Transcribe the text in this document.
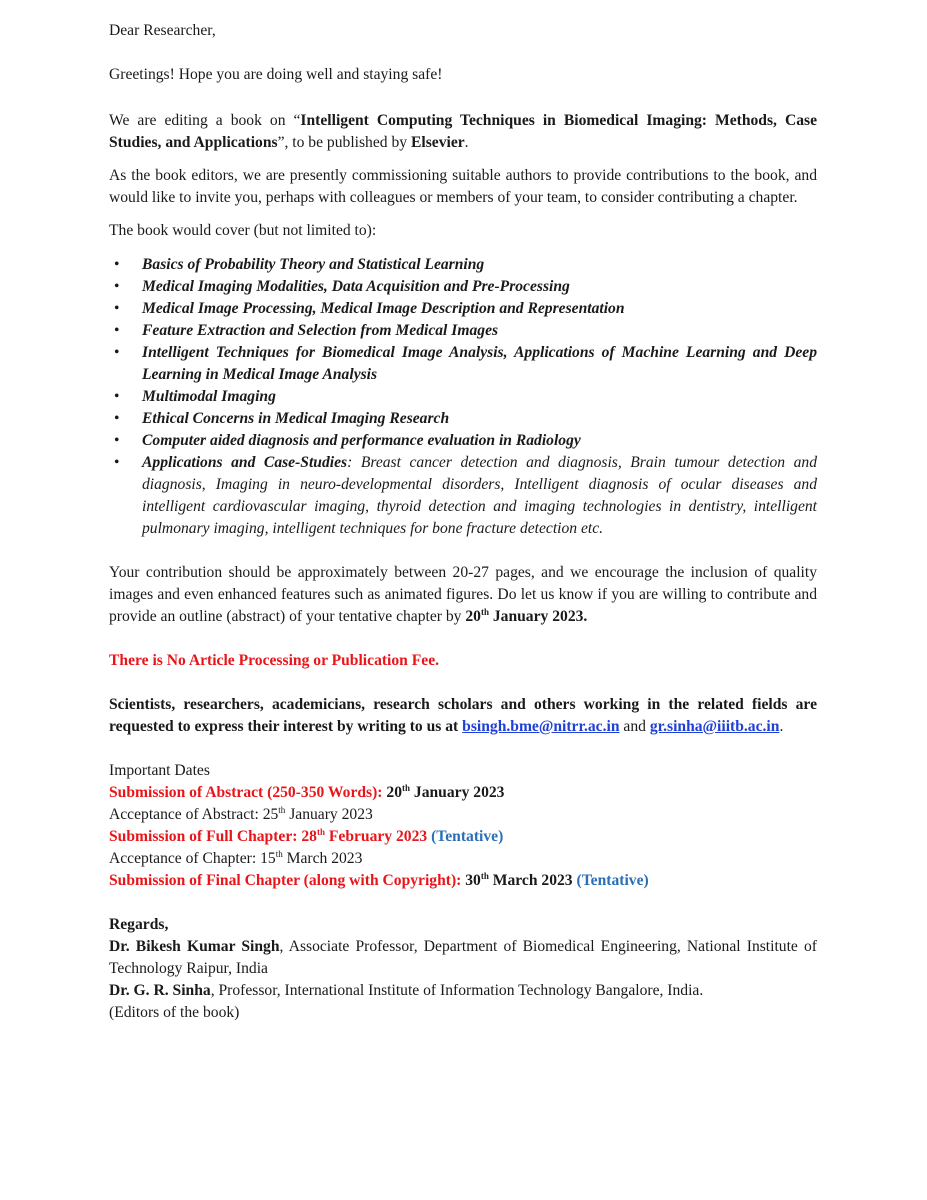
Dear Researcher,

Greetings! Hope you are doing well and staying safe!

We are editing a book on “Intelligent Computing Techniques in Biomedical Imaging: Methods, Case Studies, and Applications”, to be published by Elsevier.

As the book editors, we are presently commissioning suitable authors to provide contributions to the book, and would like to invite you, perhaps with colleagues or members of your team, to consider contributing a chapter.

The book would cover (but not limited to):

• Basics of Probability Theory and Statistical Learning
• Medical Imaging Modalities, Data Acquisition and Pre-Processing
• Medical Image Processing, Medical Image Description and Representation
• Feature Extraction and Selection from Medical Images
• Intelligent Techniques for Biomedical Image Analysis, Applications of Machine Learning and Deep Learning in Medical Image Analysis
• Multimodal Imaging
• Ethical Concerns in Medical Imaging Research
• Computer aided diagnosis and performance evaluation in Radiology
• Applications and Case-Studies: Breast cancer detection and diagnosis, Brain tumour detection and diagnosis, Imaging in neuro-developmental disorders, Intelligent diagnosis of ocular diseases and intelligent cardiovascular imaging, thyroid detection and imaging technologies in dentistry, intelligent pulmonary imaging, intelligent techniques for bone fracture detection etc.

Your contribution should be approximately between 20-27 pages, and we encourage the inclusion of quality images and even enhanced features such as animated figures. Do let us know if you are willing to contribute and provide an outline (abstract) of your tentative chapter by 20th January 2023.

There is No Article Processing or Publication Fee.

Scientists, researchers, academicians, research scholars and others working in the related fields are requested to express their interest by writing to us at bsingh.bme@nitrr.ac.in and gr.sinha@iiitb.ac.in.

Important Dates

Submission of Abstract (250-350 Words): 20th January 2023

Acceptance of Abstract: 25th January 2023

Submission of Full Chapter: 28th February 2023 (Tentative)

Acceptance of Chapter: 15th March 2023

Submission of Final Chapter (along with Copyright): 30th March 2023 (Tentative)

Regards,

Dr. Bikesh Kumar Singh, Associate Professor, Department of Biomedical Engineering, National Institute of Technology Raipur, India

Dr. G. R. Sinha, Professor, International Institute of Information Technology Bangalore, India.

(Editors of the book)
